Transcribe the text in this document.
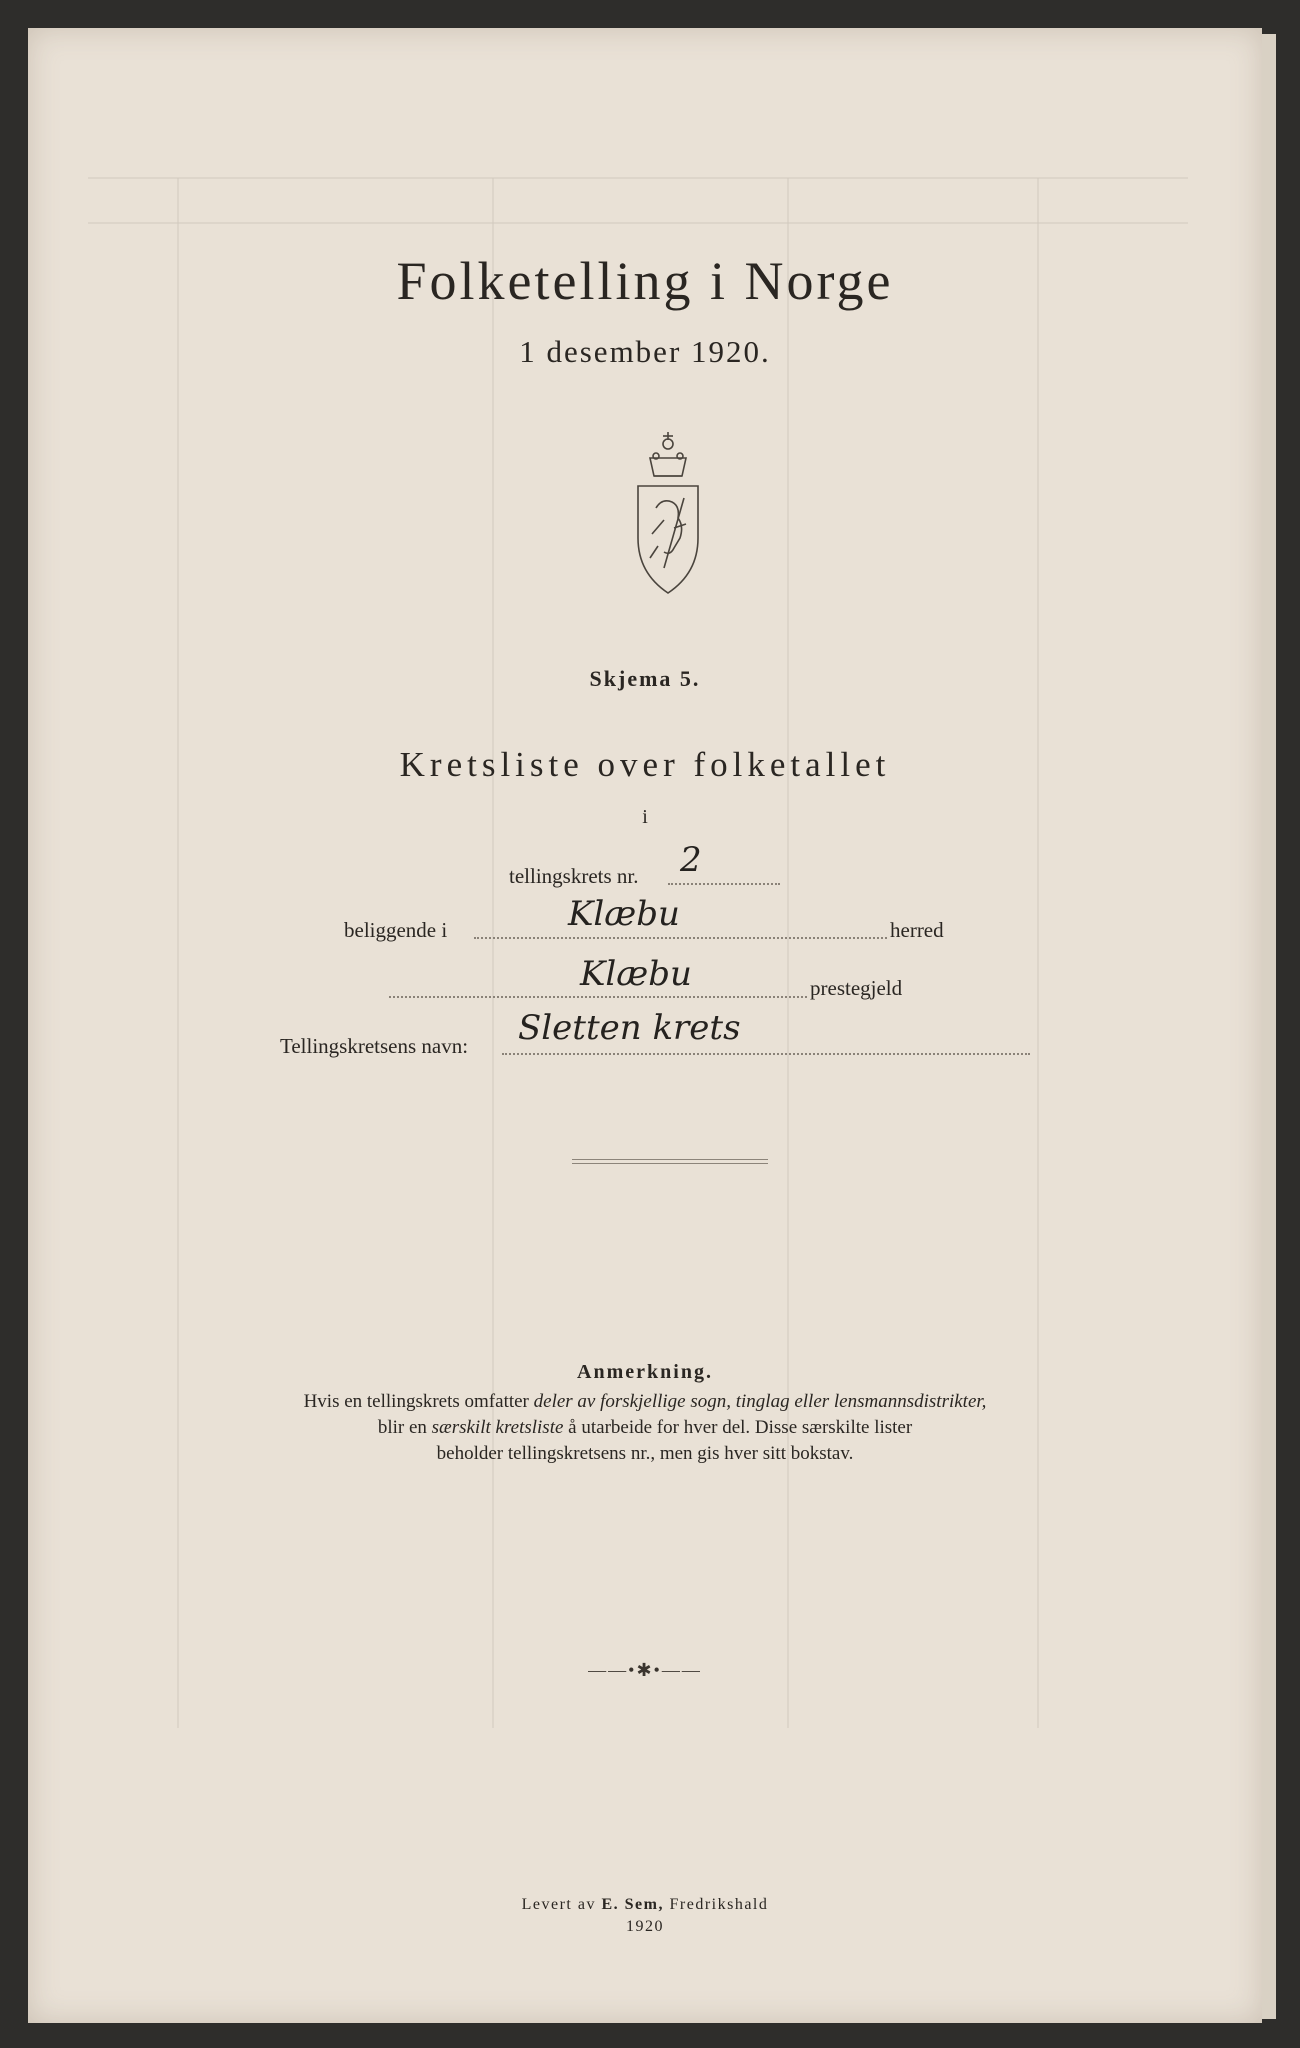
Folketelling i Norge
1 desember 1920.
Skjema 5.
Kretsliste over folketallet
i
tellingskrets nr. 2
beliggende i	Klæbu	herred
Klæbu	prestegjeld
Tellingskretsens navn: Sletten krets
Anmerkning.
Hvis en tellingskrets omfatter deler av forskjellige sogn, tinglag eller lensmannsdistrikter,
blir en særskilt kretsliste å utarbeide for hver del. Disse særskilte lister
beholder tellingskretsens nr., men gis hver sitt bokstav.
——•✱•——
Levert av E. Sem, Fredrikshald
1920
